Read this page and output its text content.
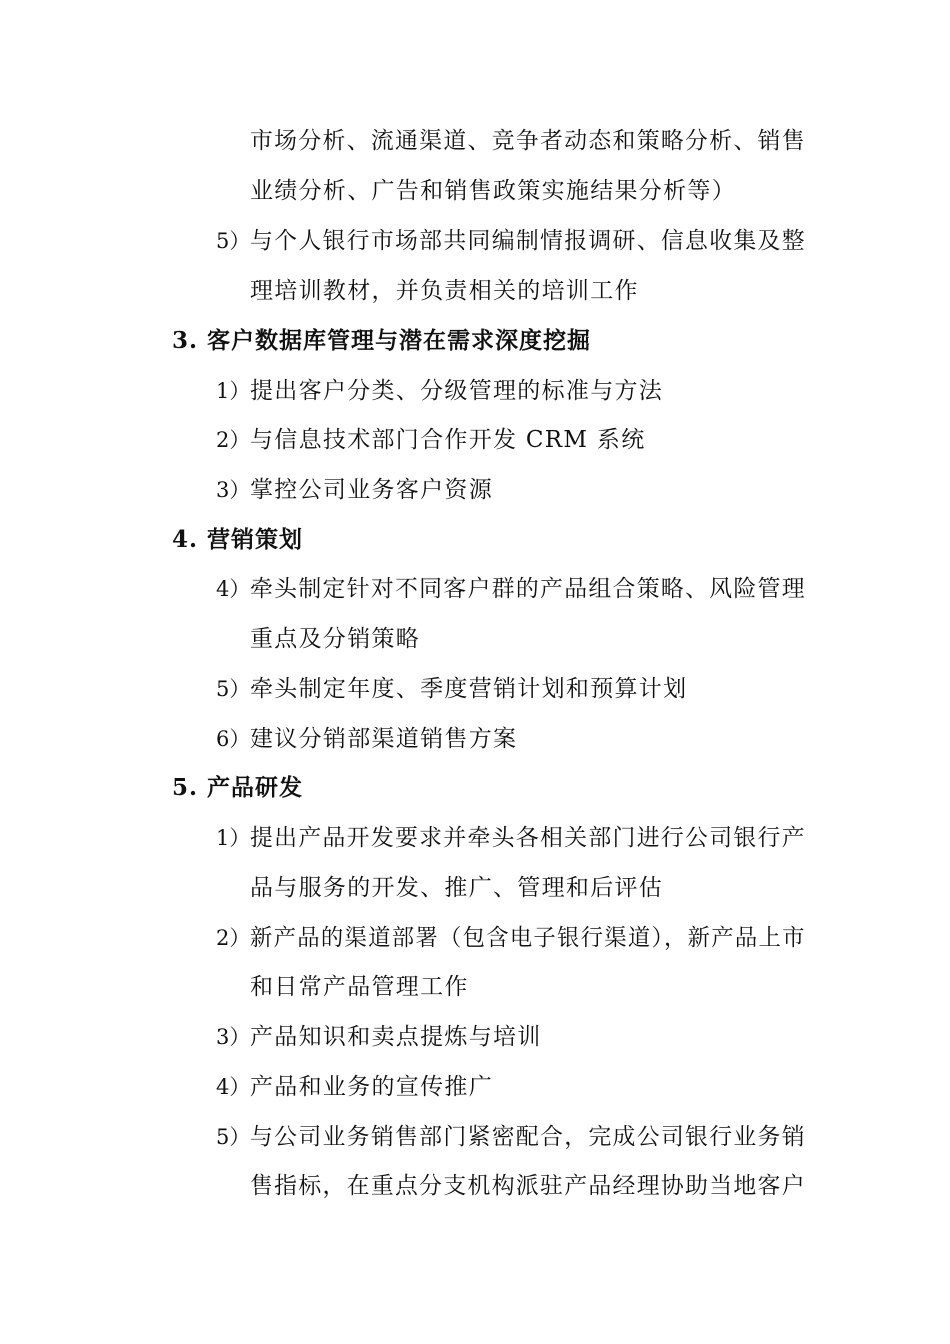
市场分析、流通渠道、竞争者动态和策略分析、销售
业绩分析、广告和销售政策实施结果分析等）
5） 与个人银行市场部共同编制情报调研、信息收集及整
理培训教材，并负责相关的培训工作
3. 客户数据库管理与潜在需求深度挖掘
1） 提出客户分类、分级管理的标准与方法
2） 与信息技术部门合作开发 CRM 系统
3） 掌控公司业务客户资源
4. 营销策划
4） 牵头制定针对不同客户群的产品组合策略、风险管理
重点及分销策略
5） 牵头制定年度、季度营销计划和预算计划
6） 建议分销部渠道销售方案
5. 产品研发
1） 提出产品开发要求并牵头各相关部门进行公司银行产
品与服务的开发、推广、管理和后评估
2） 新产品的渠道部署（包含电子银行渠道），新产品上市
和日常产品管理工作
3） 产品知识和卖点提炼与培训
4） 产品和业务的宣传推广
5） 与公司业务销售部门紧密配合，完成公司银行业务销
售指标，在重点分支机构派驻产品经理协助当地客户
